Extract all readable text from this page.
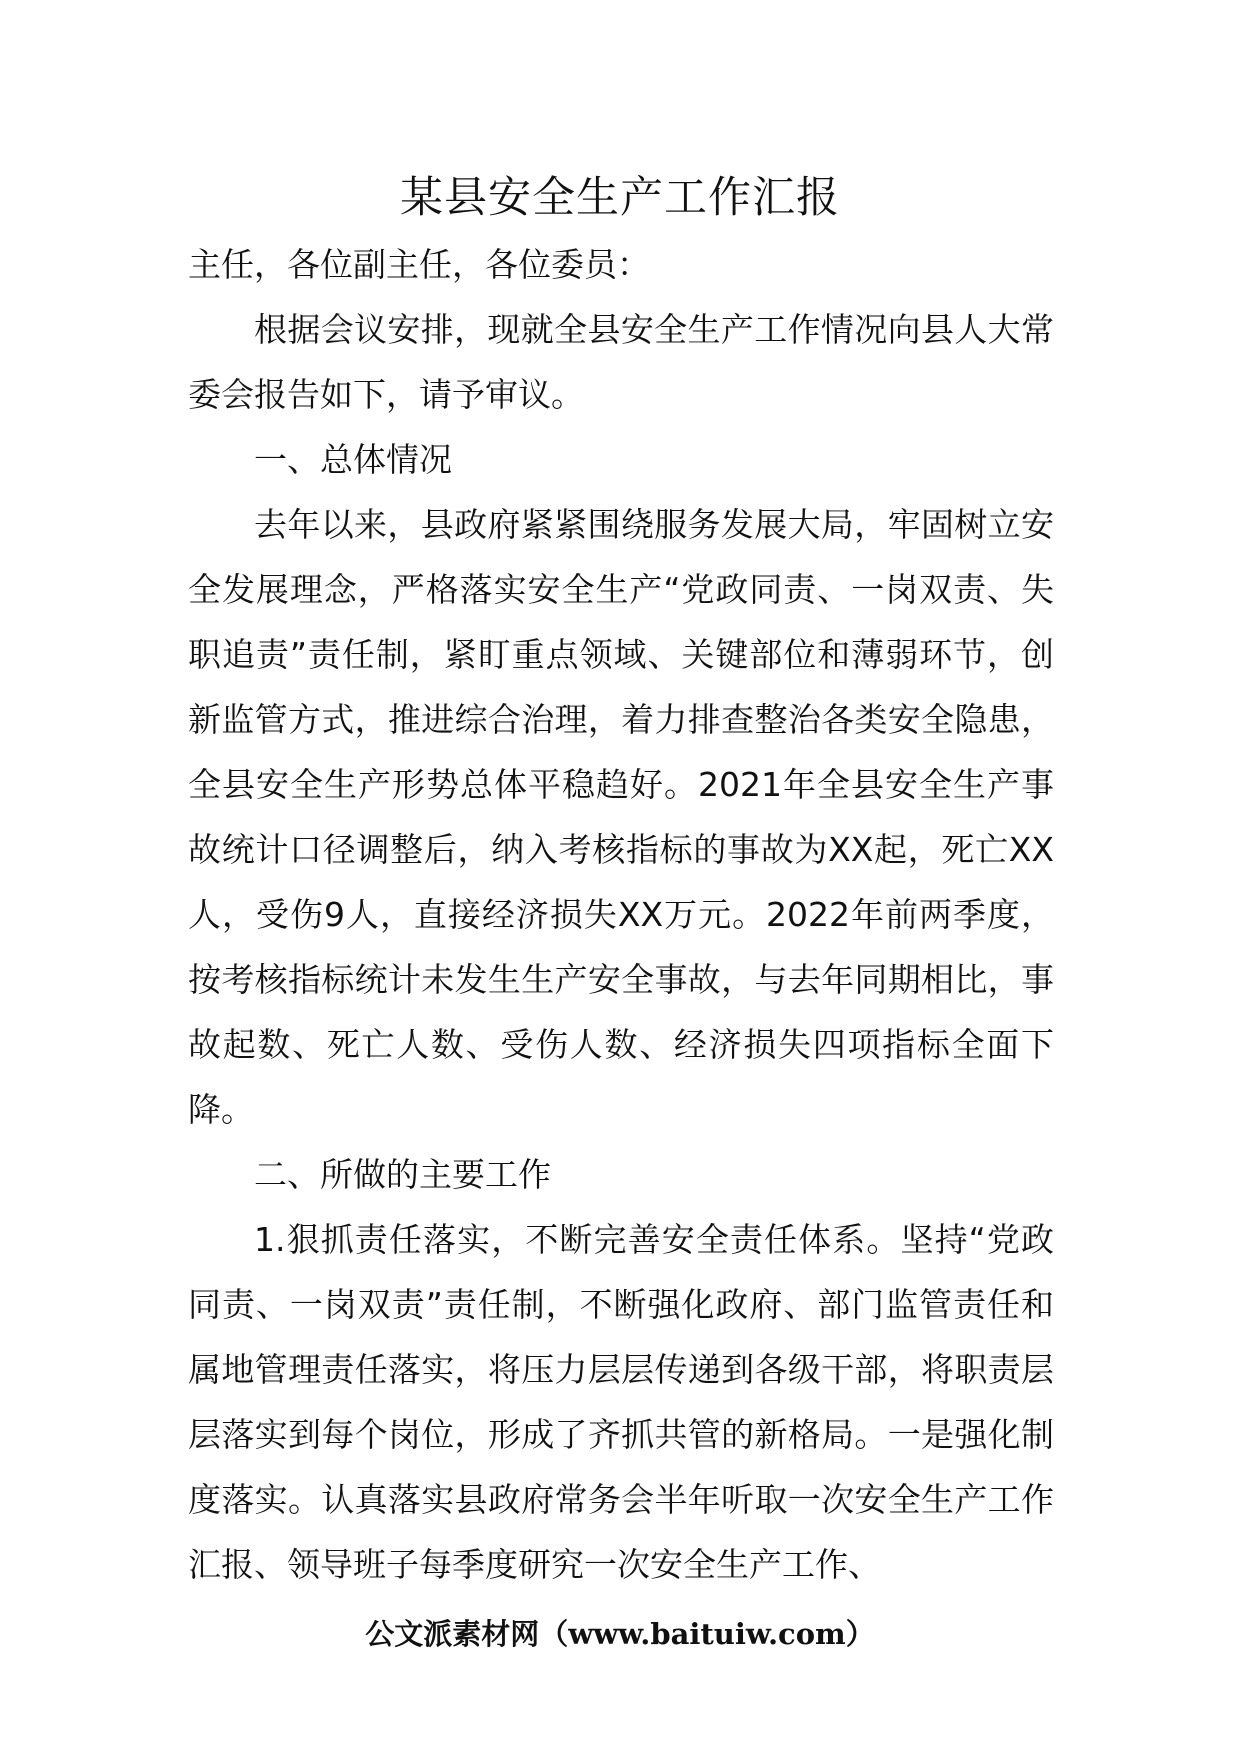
某县安全生产工作汇报

主任，各位副主任，各位委员：

根据会议安排，现就全县安全生产工作情况向县人大常委会报告如下，请予审议。

一、总体情况

去年以来，县政府紧紧围绕服务发展大局，牢固树立安全发展理念，严格落实安全生产“党政同责、一岗双责、失职追责”责任制，紧盯重点领域、关键部位和薄弱环节，创新监管方式，推进综合治理，着力排查整治各类安全隐患，全县安全生产形势总体平稳趋好。2021年全县安全生产事故统计口径调整后，纳入考核指标的事故为XX起，死亡XX人，受伤9人，直接经济损失XX万元。2022年前两季度，按考核指标统计未发生生产安全事故，与去年同期相比，事故起数、死亡人数、受伤人数、经济损失四项指标全面下降。

二、所做的主要工作

1.狠抓责任落实，不断完善安全责任体系。坚持“党政同责、一岗双责”责任制，不断强化政府、部门监管责任和属地管理责任落实，将压力层层传递到各级干部，将职责层层落实到每个岗位，形成了齐抓共管的新格局。一是强化制度落实。认真落实县政府常务会半年听取一次安全生产工作汇报、领导班子每季度研究一次安全生产工作、

公文派素材网（www.baituiw.com）
